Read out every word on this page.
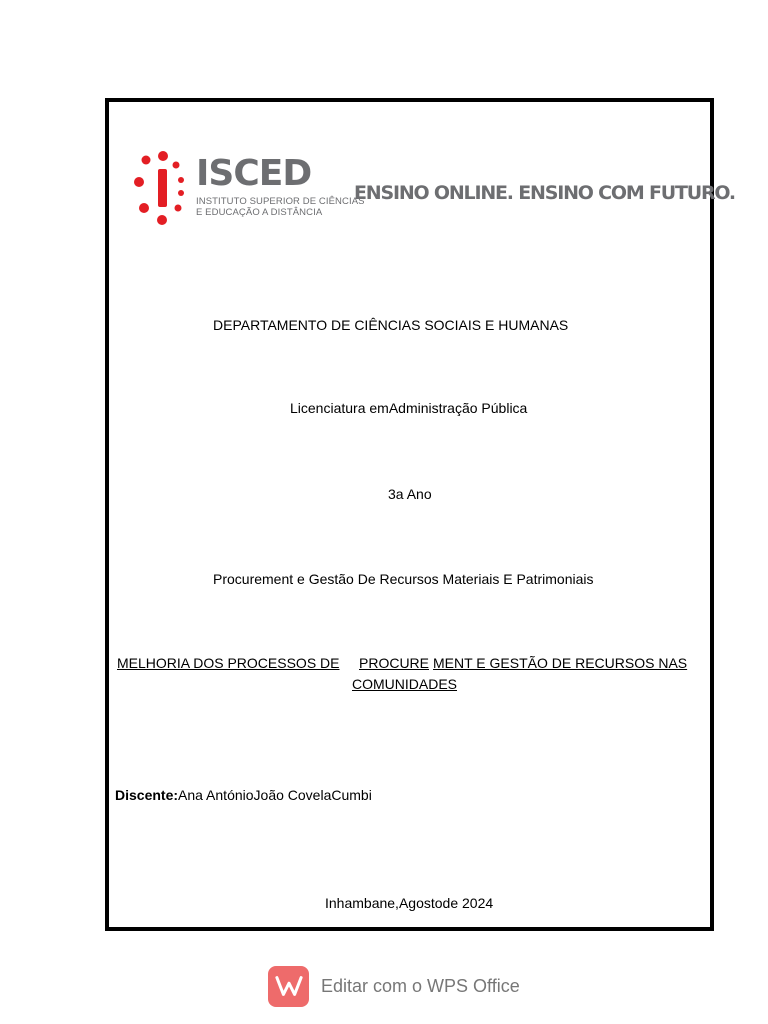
ISCED
INSTITUTO SUPERIOR DE CIÊNCIAS
E EDUCAÇÃO A DISTÂNCIA
ENSINO ONLINE. ENSINO COM FUTURO.
DEPARTAMENTO DE CIÊNCIAS SOCIAIS E HUMANAS
Licenciatura emAdministração Pública
3a Ano
Procurement e Gestão De Recursos Materiais E Patrimoniais
MELHORIA DOS PROCESSOS DE PROCURE MENT E GESTÃO DE RECURSOS NAS
COMUNIDADES
Discente:Ana AntónioJoão CovelaCumbi
Inhambane,Agostode 2024
Editar com o WPS Office
